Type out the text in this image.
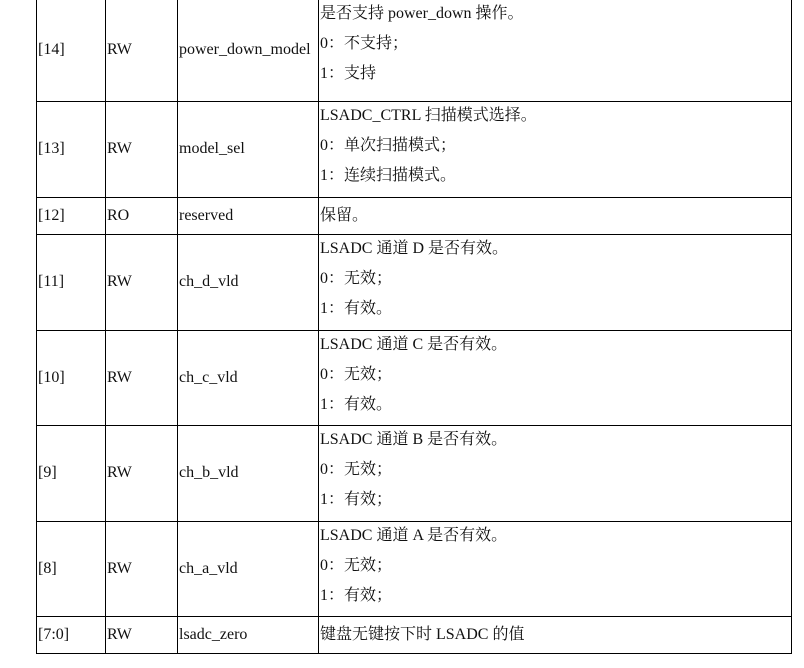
[14]	RW	power_down_model	是否支持 power_down 操作。
0：不支持；
1：支持

[13]	RW	model_sel	LSADC_CTRL 扫描模式选择。
0：单次扫描模式；
1：连续扫描模式。

[12]	RO	reserved	保留。

[11]	RW	ch_d_vld	LSADC 通道 D 是否有效。
0：无效；
1：有效。

[10]	RW	ch_c_vld	LSADC 通道 C 是否有效。
0：无效；
1：有效。

[9]	RW	ch_b_vld	LSADC 通道 B 是否有效。
0：无效；
1：有效；

[8]	RW	ch_a_vld	LSADC 通道 A 是否有效。
0：无效；
1：有效；

[7:0]	RW	lsadc_zero	键盘无键按下时 LSADC 的值
